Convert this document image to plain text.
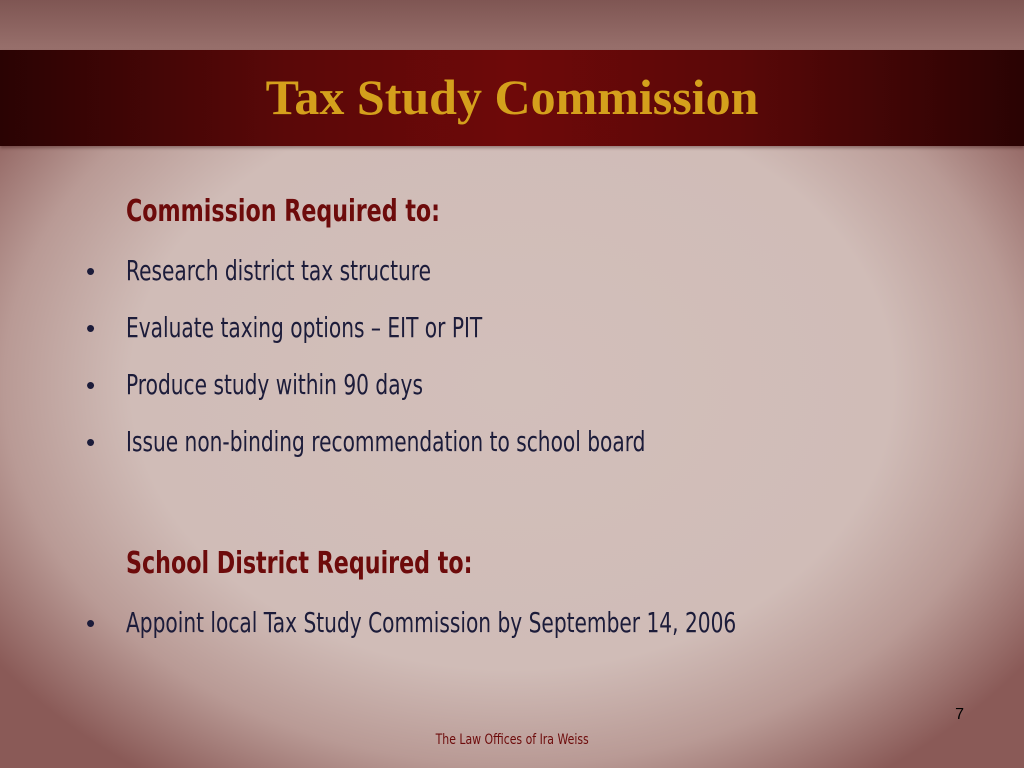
Tax Study Commission
Commission Required to:
• Research district tax structure
• Evaluate taxing options – EIT or PIT
• Produce study within 90 days
• Issue non-binding recommendation to school board
School District Required to:
• Appoint local Tax Study Commission by September 14, 2006
7
The Law Offices of Ira Weiss
